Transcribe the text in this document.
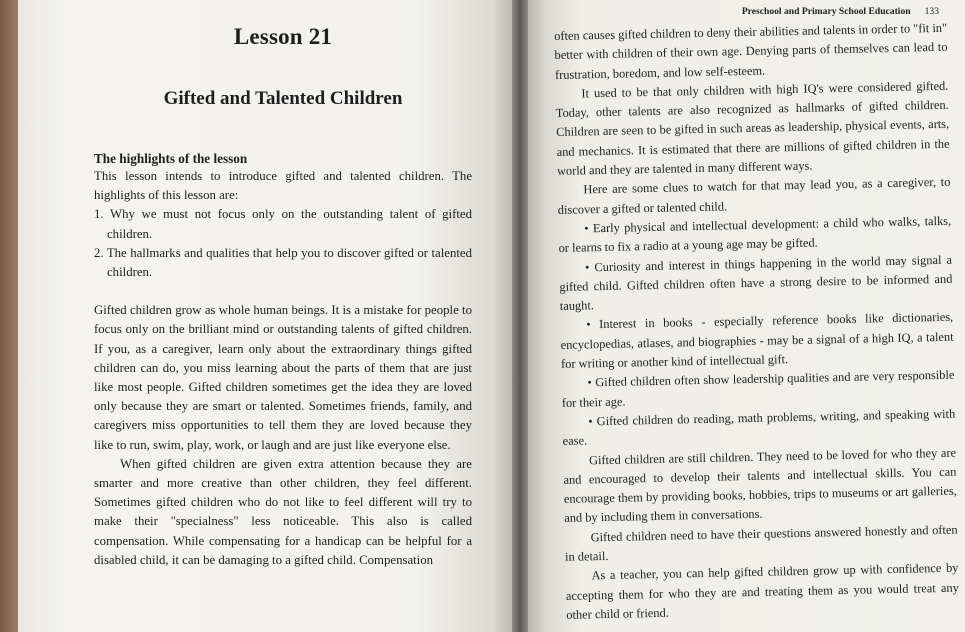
Lesson 21
Gifted and Talented Children
The highlights of the lesson

This lesson intends to introduce gifted and talented children. The highlights of this lesson are:

1. Why we must not focus only on the outstanding talent of gifted children.
2. The hallmarks and qualities that help you to discover gifted or talented children.

Gifted children grow as whole human beings. It is a mistake for people to focus only on the brilliant mind or outstanding talents of gifted children. If you, as a caregiver, learn only about the extraordinary things gifted children can do, you miss learning about the parts of them that are just like most people. Gifted children sometimes get the idea they are loved only because they are smart or talented. Sometimes friends, family, and caregivers miss opportunities to tell them they are loved because they like to run, swim, play, work, or laugh and are just like everyone else.

When gifted children are given extra attention because they are smarter and more creative than other children, they feel different. Sometimes gifted children who do not like to feel different will try to make their "specialness" less noticeable. This also is called compensation. While compensating for a handicap can be helpful for a disabled child, it can be damaging to a gifted child. Compensation

Preschool and Primary School Education 133

often causes gifted children to deny their abilities and talents in order to "fit in" better with children of their own age. Denying parts of themselves can lead to frustration, boredom, and low self-esteem.

It used to be that only children with high IQ's were considered gifted. Today, other talents are also recognized as hallmarks of gifted children. Children are seen to be gifted in such areas as leadership, physical events, arts, and mechanics. It is estimated that there are millions of gifted children in the world and they are talented in many different ways.

Here are some clues to watch for that may lead you, as a caregiver, to discover a gifted or talented child.

• Early physical and intellectual development: a child who walks, talks, or learns to fix a radio at a young age may be gifted.

• Curiosity and interest in things happening in the world may signal a gifted child. Gifted children often have a strong desire to be informed and taught.

• Interest in books - especially reference books like dictionaries, encyclopedias, atlases, and biographies - may be a signal of a high IQ, a talent for writing or another kind of intellectual gift.

• Gifted children often show leadership qualities and are very responsible for their age.

• Gifted children do reading, math problems, writing, and speaking with ease.

Gifted children are still children. They need to be loved for who they are and encouraged to develop their talents and intellectual skills. You can encourage them by providing books, hobbies, trips to museums or art galleries, and by including them in conversations.

Gifted children need to have their questions answered honestly and often in detail.

As a teacher, you can help gifted children grow up with confidence by accepting them for who they are and treating them as you would treat any other child or friend.
